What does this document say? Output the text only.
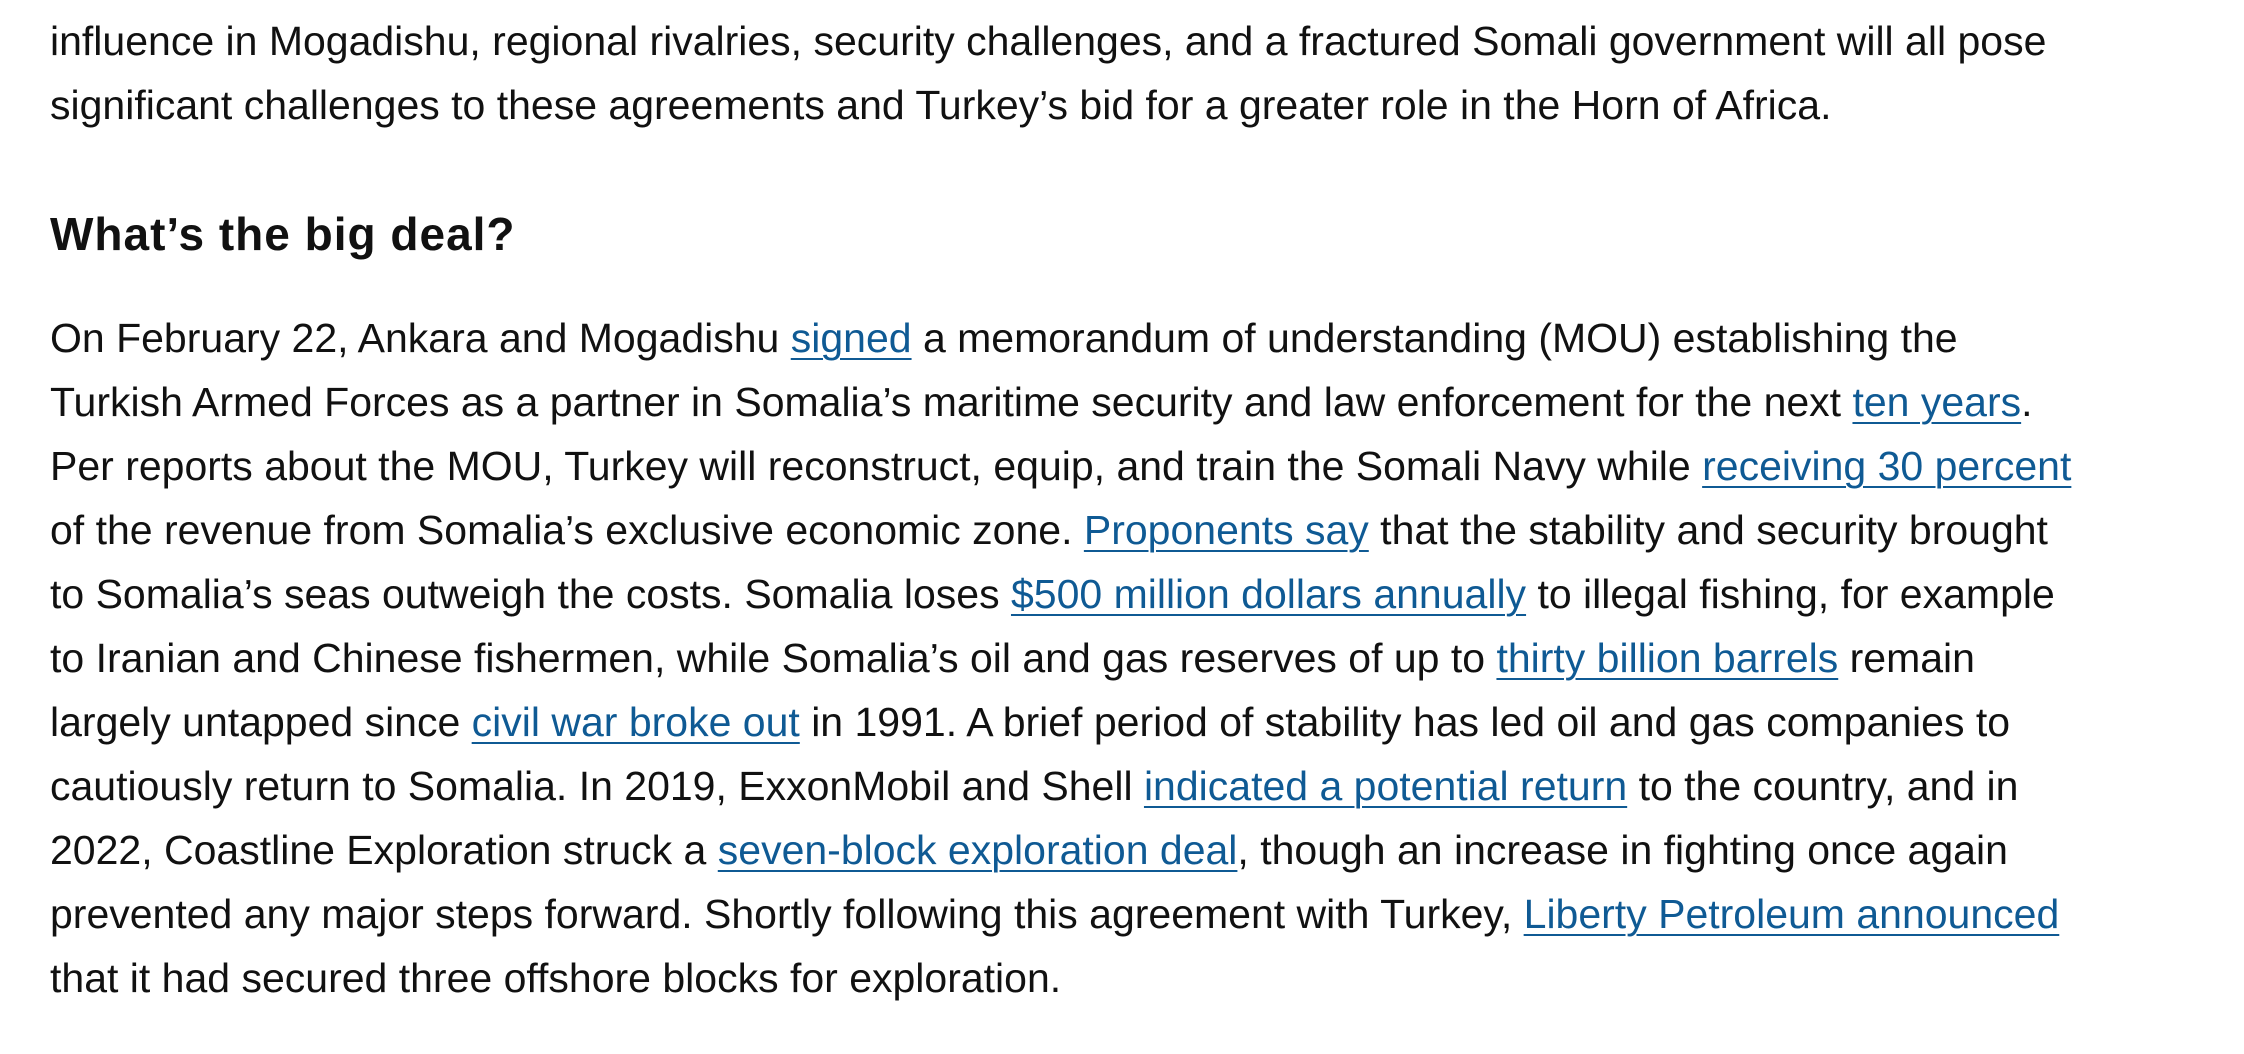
influence in Mogadishu, regional rivalries, security challenges, and a fractured Somali government will all pose
significant challenges to these agreements and Turkey’s bid for a greater role in the Horn of Africa.

What’s the big deal?

On February 22, Ankara and Mogadishu signed a memorandum of understanding (MOU) establishing the
Turkish Armed Forces as a partner in Somalia’s maritime security and law enforcement for the next ten years.
Per reports about the MOU, Turkey will reconstruct, equip, and train the Somali Navy while receiving 30 percent
of the revenue from Somalia’s exclusive economic zone. Proponents say that the stability and security brought
to Somalia’s seas outweigh the costs. Somalia loses $500 million dollars annually to illegal fishing, for example
to Iranian and Chinese fishermen, while Somalia’s oil and gas reserves of up to thirty billion barrels remain
largely untapped since civil war broke out in 1991. A brief period of stability has led oil and gas companies to
cautiously return to Somalia. In 2019, ExxonMobil and Shell indicated a potential return to the country, and in
2022, Coastline Exploration struck a seven-block exploration deal, though an increase in fighting once again
prevented any major steps forward. Shortly following this agreement with Turkey, Liberty Petroleum announced
that it had secured three offshore blocks for exploration.
